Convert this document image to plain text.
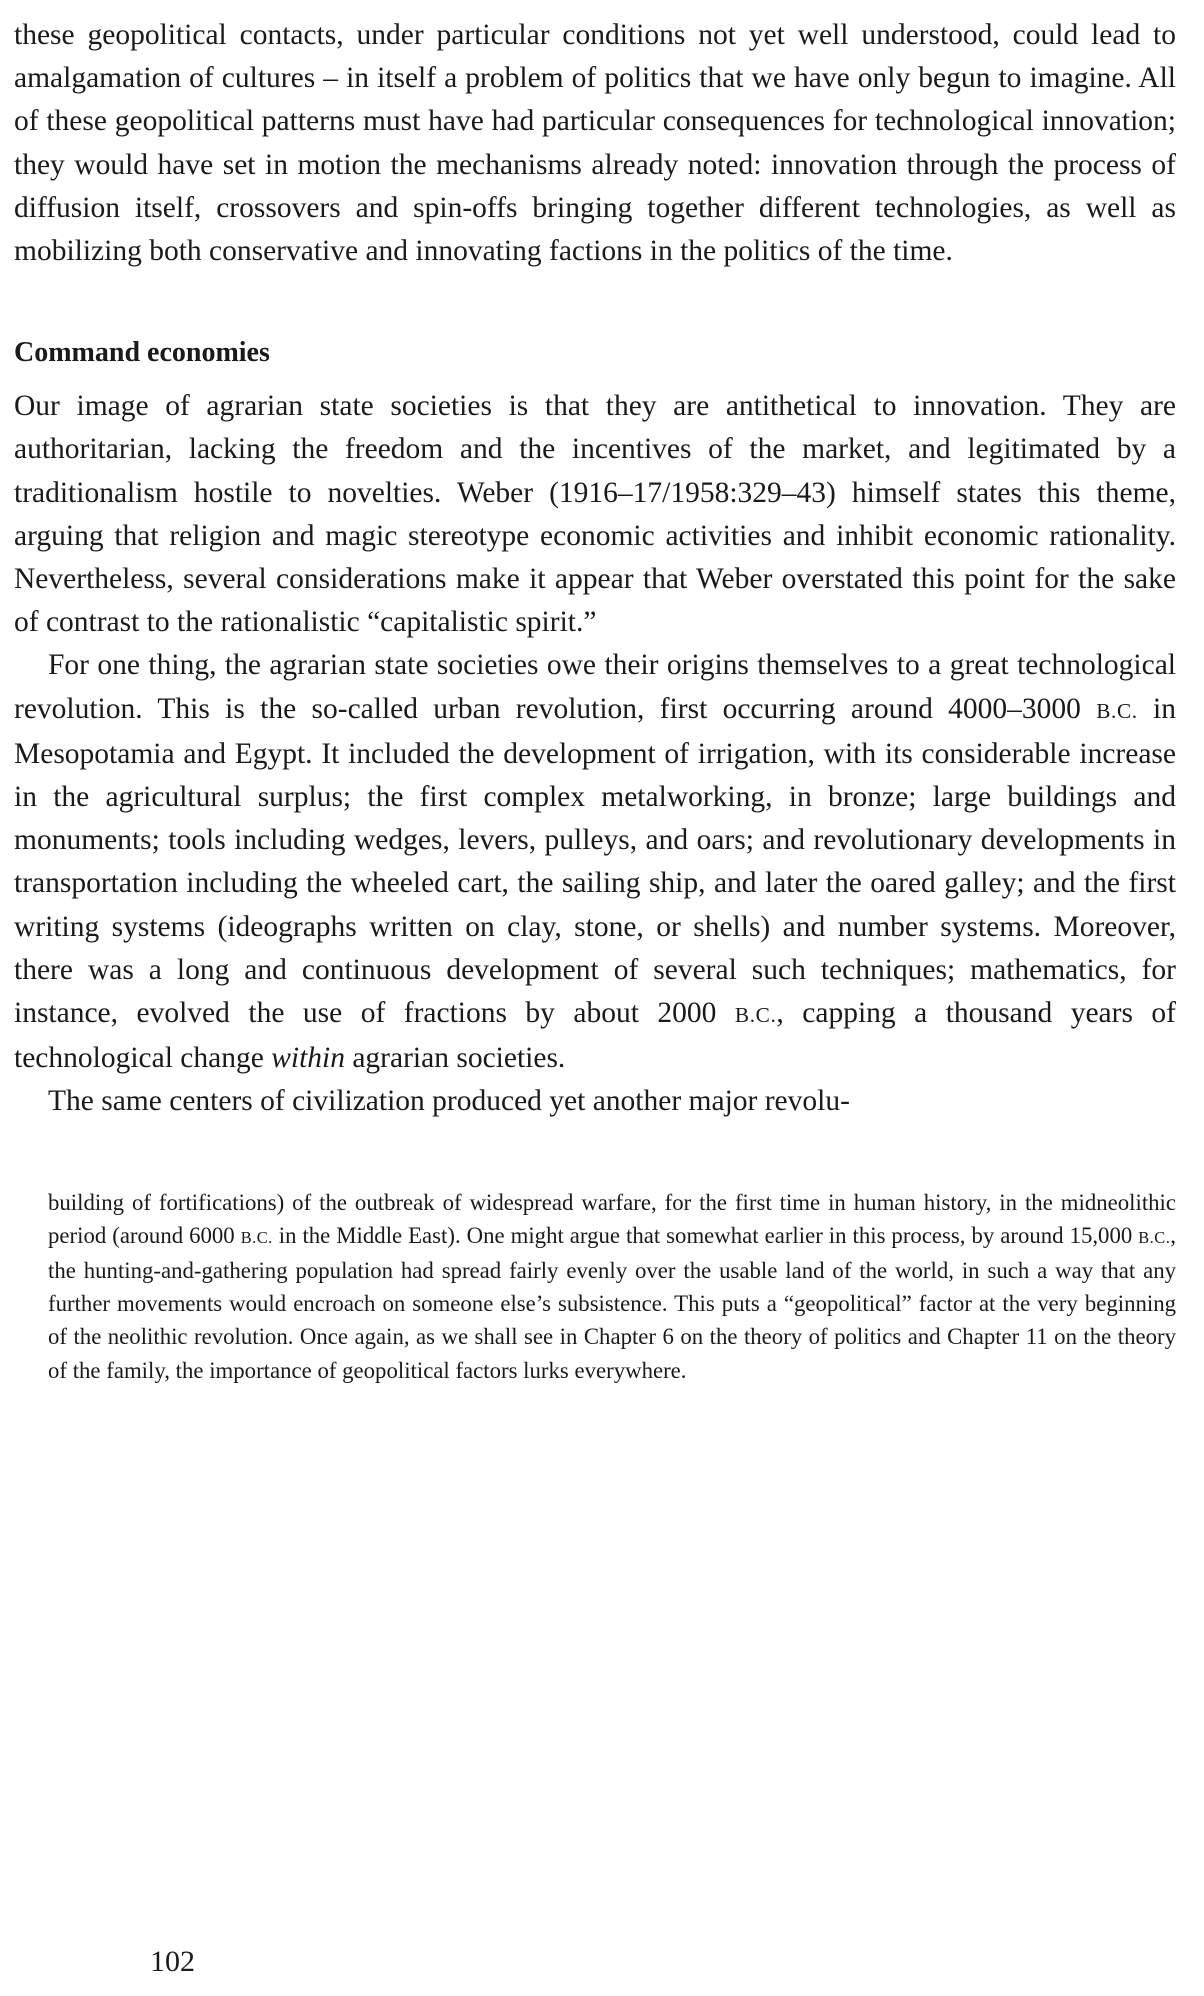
these geopolitical contacts, under particular conditions not yet well understood, could lead to amalgamation of cultures – in itself a problem of politics that we have only begun to imagine. All of these geopolitical patterns must have had particular consequences for technological innovation; they would have set in motion the mechanisms already noted: innovation through the process of diffusion itself, crossovers and spin-offs bringing together different technologies, as well as mobilizing both conservative and innovating factions in the politics of the time.

Command economies

Our image of agrarian state societies is that they are antithetical to innovation. They are authoritarian, lacking the freedom and the incentives of the market, and legitimated by a traditionalism hostile to novelties. Weber (1916–17/1958:329–43) himself states this theme, arguing that religion and magic stereotype economic activities and inhibit economic rationality. Nevertheless, several considerations make it appear that Weber overstated this point for the sake of contrast to the rationalistic “capitalistic spirit.”

For one thing, the agrarian state societies owe their origins themselves to a great technological revolution. This is the so-called urban revolution, first occurring around 4000–3000 B.C. in Mesopotamia and Egypt. It included the development of irrigation, with its considerable increase in the agricultural surplus; the first complex metalworking, in bronze; large buildings and monuments; tools including wedges, levers, pulleys, and oars; and revolutionary developments in transportation including the wheeled cart, the sailing ship, and later the oared galley; and the first writing systems (ideographs written on clay, stone, or shells) and number systems. Moreover, there was a long and continuous development of several such techniques; mathematics, for instance, evolved the use of fractions by about 2000 B.C., capping a thousand years of technological change within agrarian societies.

The same centers of civilization produced yet another major revolu-

building of fortifications) of the outbreak of widespread warfare, for the first time in human history, in the midneolithic period (around 6000 B.C. in the Middle East). One might argue that somewhat earlier in this process, by around 15,000 B.C., the hunting-and-gathering population had spread fairly evenly over the usable land of the world, in such a way that any further movements would encroach on someone else’s subsistence. This puts a “geopolitical” factor at the very beginning of the neolithic revolution. Once again, as we shall see in Chapter 6 on the theory of politics and Chapter 11 on the theory of the family, the importance of geopolitical factors lurks everywhere.

102
